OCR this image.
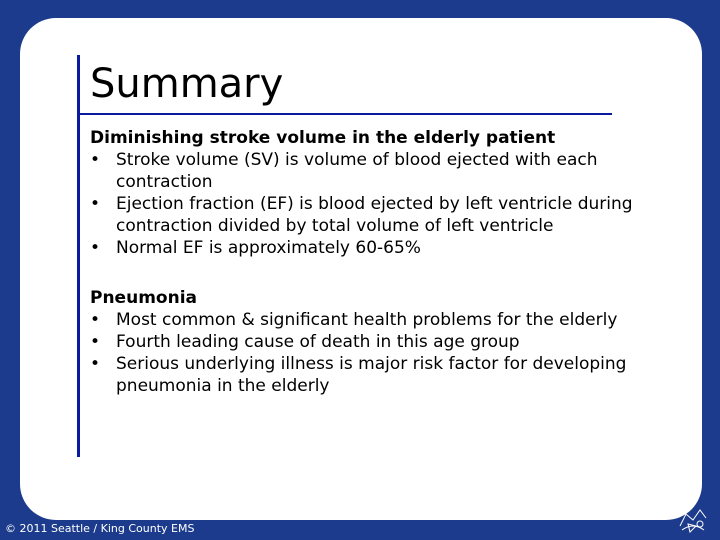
Summary
Diminishing stroke volume in the elderly patient
• Stroke volume (SV) is volume of blood ejected with each contraction
• Ejection fraction (EF) is blood ejected by left ventricle during contraction divided by total volume of left ventricle
• Normal EF is approximately 60-65%
Pneumonia
• Most common & significant health problems for the elderly
• Fourth leading cause of death in this age group
• Serious underlying illness is major risk factor for developing pneumonia in the elderly
© 2011 Seattle / King County EMS
